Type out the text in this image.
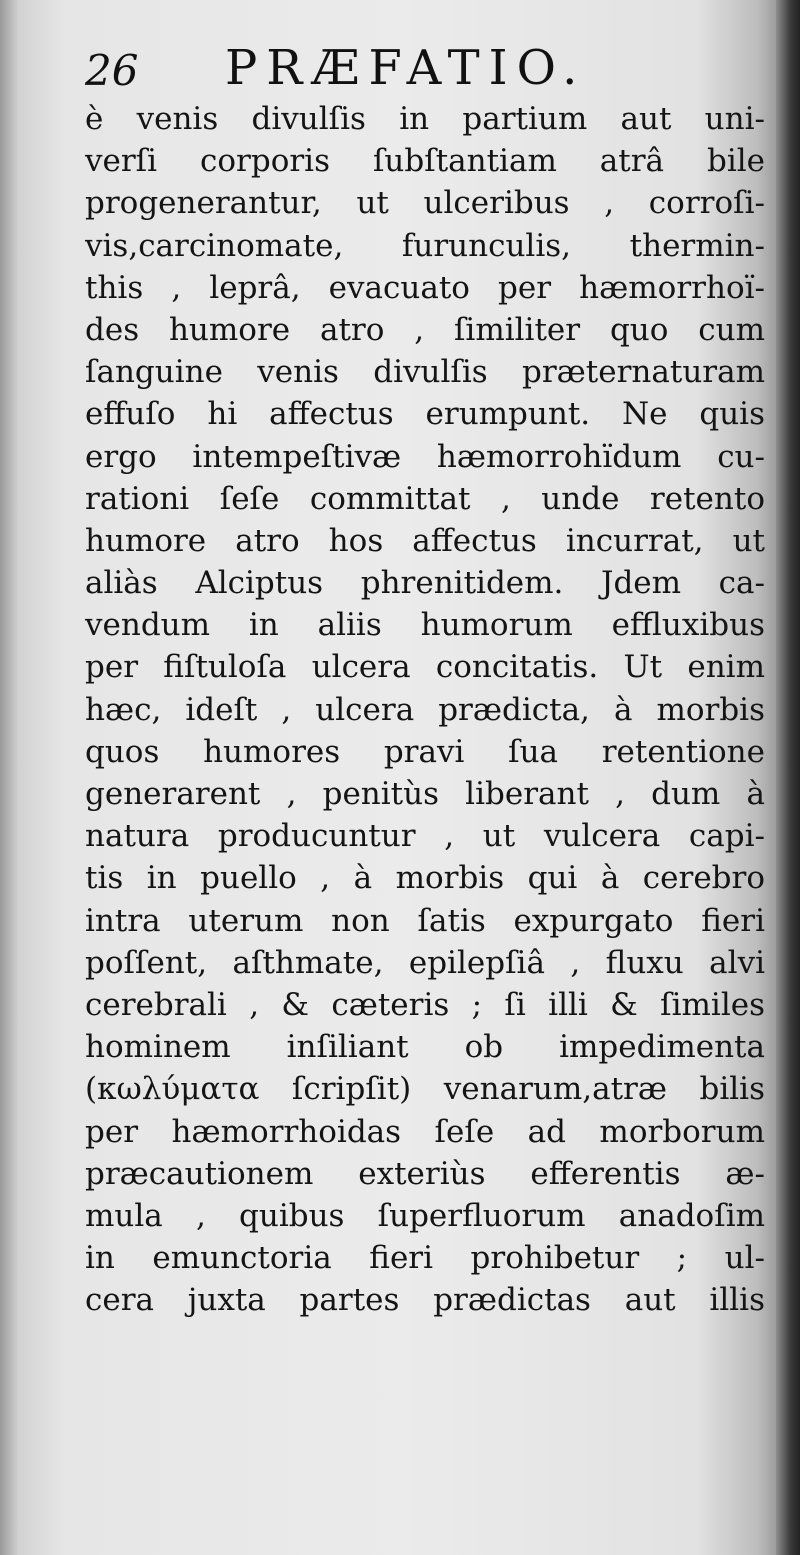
26 PRÆFATIO.
è venis divulſis in partium aut uni-
verſi corporis ſubſtantiam atrâ bile
progenerantur, ut ulceribus , corroſi-
vis,carcinomate, furunculis, thermin-
this , leprâ, evacuato per hæmorrhoï-
des humore atro , ſimiliter quo cum
ſanguine venis divulſis præternaturam
effuſo hi affectus erumpunt. Ne quis
ergo intempeſtivæ hæmorrohïdum cu-
rationi ſeſe committat , unde retento
humore atro hos affectus incurrat, ut
aliàs Alciptus phrenitidem. Jdem ca-
vendum in aliis humorum effluxibus
per fiſtuloſa ulcera concitatis. Ut enim
hæc, ideſt , ulcera prædicta, à morbis
quos humores pravi ſua retentione
generarent , penitùs liberant , dum à
natura producuntur , ut vulcera capi-
tis in puello , à morbis qui à cerebro
intra uterum non ſatis expurgato fieri
poſſent, aſthmate, epilepſiâ , fluxu alvi
cerebrali , & cæteris ; ſi illi & ſimiles
hominem inſiliant ob impedimenta
(κωλύματα ſcripſit) venarum,atræ bilis
per hæmorrhoidas ſeſe ad morborum
præcautionem exteriùs efferentis æ-
mula , quibus ſuperfluorum anadoſim
in emunctoria fieri prohibetur ; ul-
cera juxta partes prædictas aut illis
